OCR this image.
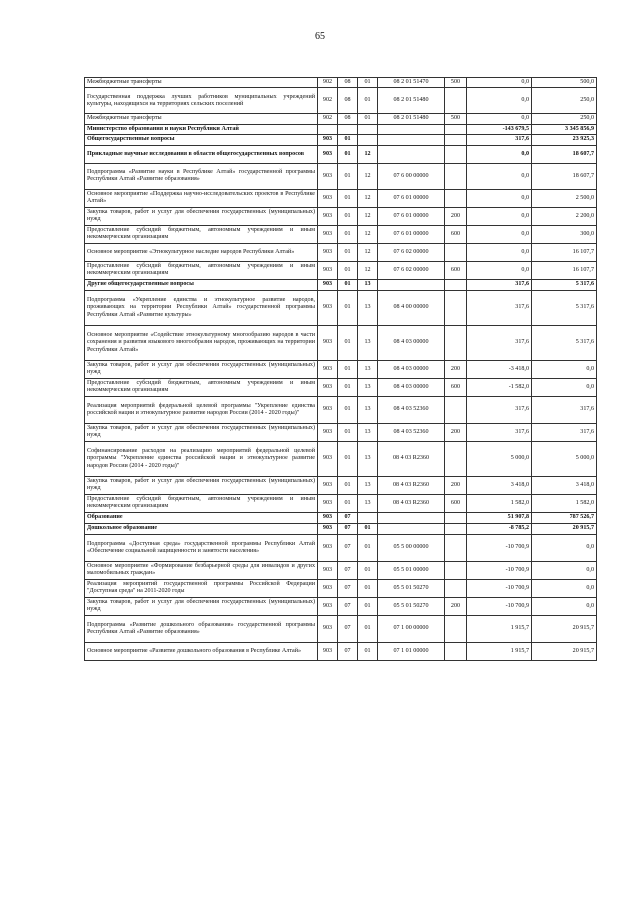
65
Межбюджетные трансферты	902	08	01	08 2 01 51470	500	0,0	500,0
Государственная поддержка лучших работников муниципальных учреждений культуры, находящихся на территориях сельских поселений	902	08	01	08 2 01 51480		0,0	250,0
Межбюджетные трансферты	902	08	01	08 2 01 51480	500	0,0	250,0
Министерство образования и науки Республики Алтай						-143 679,5	3 345 856,9
Общегосударственные вопросы	903	01				317,6	23 925,3
Прикладные научные исследования в области общегосударственных вопросов	903	01	12			0,0	18 607,7
Подпрограмма «Развитие науки в Республике Алтай» государственной программы Республики Алтай «Развитие образования»	903	01	12	07 6 00 00000		0,0	18 607,7
Основное мероприятие «Поддержка научно-исследовательских проектов в Республике Алтай»	903	01	12	07 6 01 00000		0,0	2 500,0
Закупка товаров, работ и услуг для обеспечения государственных (муниципальных) нужд	903	01	12	07 6 01 00000	200	0,0	2 200,0
Предоставление субсидий бюджетным, автономным учреждениям и иным некоммерческим организациям	903	01	12	07 6 01 00000	600	0,0	300,0
Основное мероприятие «Этнокультурное наследие народов Республики Алтай»	903	01	12	07 6 02 00000		0,0	16 107,7
Предоставление субсидий бюджетным, автономным учреждениям и иным некоммерческим организациям	903	01	12	07 6 02 00000	600	0,0	16 107,7
Другие общегосударственные вопросы	903	01	13			317,6	5 317,6
Подпрограмма «Укрепление единства и этнокультурное развитие народов, проживающих на территории Республики Алтай» государственной программы Республики Алтай «Развитие культуры»	903	01	13	08 4 00 00000		317,6	5 317,6
Основное мероприятие «Содействие этнокультурному многообразию народов в части сохранения и развития языкового многообразия народов, проживающих на территории Республики Алтай»	903	01	13	08 4 03 00000		317,6	5 317,6
Закупка товаров, работ и услуг для обеспечения государственных (муниципальных) нужд	903	01	13	08 4 03 00000	200	-3 418,0	0,0
Предоставление субсидий бюджетным, автономным учреждениям и иным некоммерческим организациям	903	01	13	08 4 03 00000	600	-1 582,0	0,0
Реализация мероприятий федеральной целевой программы "Укрепление единства российской нации и этнокультурное развитие народов России (2014 - 2020 годы)"	903	01	13	08 4 03 52360		317,6	317,6
Закупка товаров, работ и услуг для обеспечения государственных (муниципальных) нужд	903	01	13	08 4 03 52360	200	317,6	317,6
Софинансирование расходов на реализацию мероприятий федеральной целевой программы "Укрепление единства российской нации и этнокультурное развитие народов России (2014 - 2020 годы)"	903	01	13	08 4 03 R2360		5 000,0	5 000,0
Закупка товаров, работ и услуг для обеспечения государственных (муниципальных) нужд	903	01	13	08 4 03 R2360	200	3 418,0	3 418,0
Предоставление субсидий бюджетным, автономным учреждениям и иным некоммерческим организациям	903	01	13	08 4 03 R2360	600	1 582,0	1 582,0
Образование	903	07				51 907,8	787 526,7
Дошкольное образование	903	07	01			-8 785,2	20 915,7
Подпрограмма «Доступная среда» государственной программы Республики Алтай «Обеспечение социальной защищенности и занятости населения»	903	07	01	05 5 00 00000		-10 700,9	0,0
Основное мероприятие «Формирование безбарьерной среды для инвалидов и других маломобильных граждан»	903	07	01	05 5 01 00000		-10 700,9	0,0
Реализация мероприятий государственной программы Российской Федерации "Доступная среда" на 2011-2020 годы	903	07	01	05 5 01 50270		-10 700,9	0,0
Закупка товаров, работ и услуг для обеспечения государственных (муниципальных) нужд	903	07	01	05 5 01 50270	200	-10 700,9	0,0
Подпрограмма «Развитие дошкольного образования» государственной программы Республики Алтай «Развитие образования»	903	07	01	07 1 00 00000		1 915,7	20 915,7
Основное мероприятие «Развитие дошкольного образования в Республике Алтай»	903	07	01	07 1 01 00000		1 915,7	20 915,7
